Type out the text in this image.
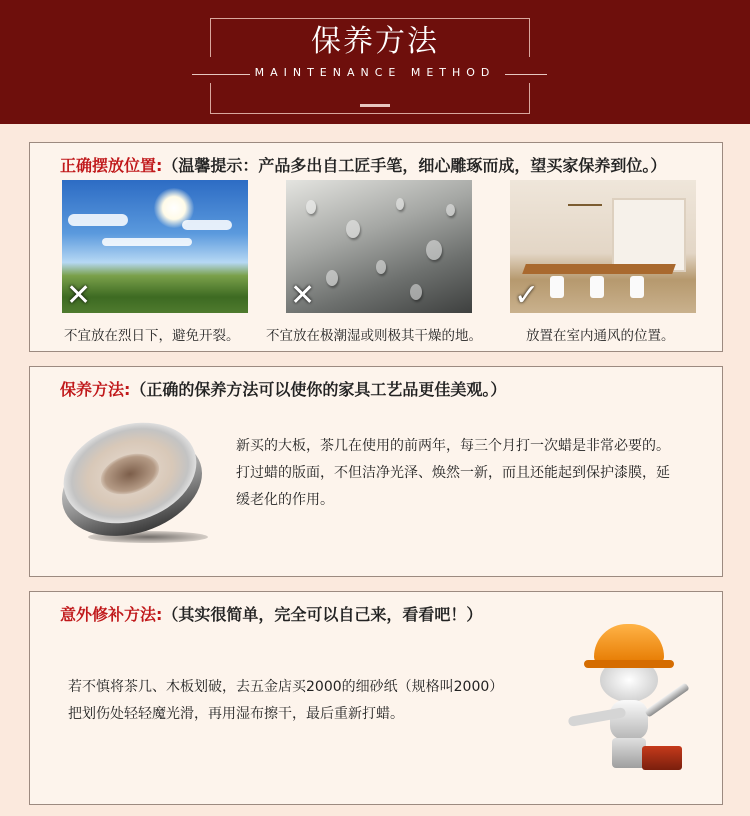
保养方法
MAINTENANCE METHOD
正确摆放位置:（温馨提示：产品多出自工匠手笔，细心雕琢而成，望买家保养到位。）
✕	✕	✓
不宜放在烈日下，避免开裂。 不宜放在极潮湿或则极其干燥的地。	放置在室内通风的位置。
保养方法:（正确的保养方法可以使你的家具工艺品更佳美观。）
新买的大板，茶几在使用的前两年，每三个月打一次蜡是非常必要的。
打过蜡的版面，不但洁净光泽、焕然一新，而且还能起到保护漆膜，延
缓老化的作用。
意外修补方法:（其实很简单，完全可以自己来，看看吧！）
若不慎将茶几、木板划破，去五金店买2000的细砂纸（规格叫2000）
把划伤处轻轻魔光滑，再用湿布擦干，最后重新打蜡。
